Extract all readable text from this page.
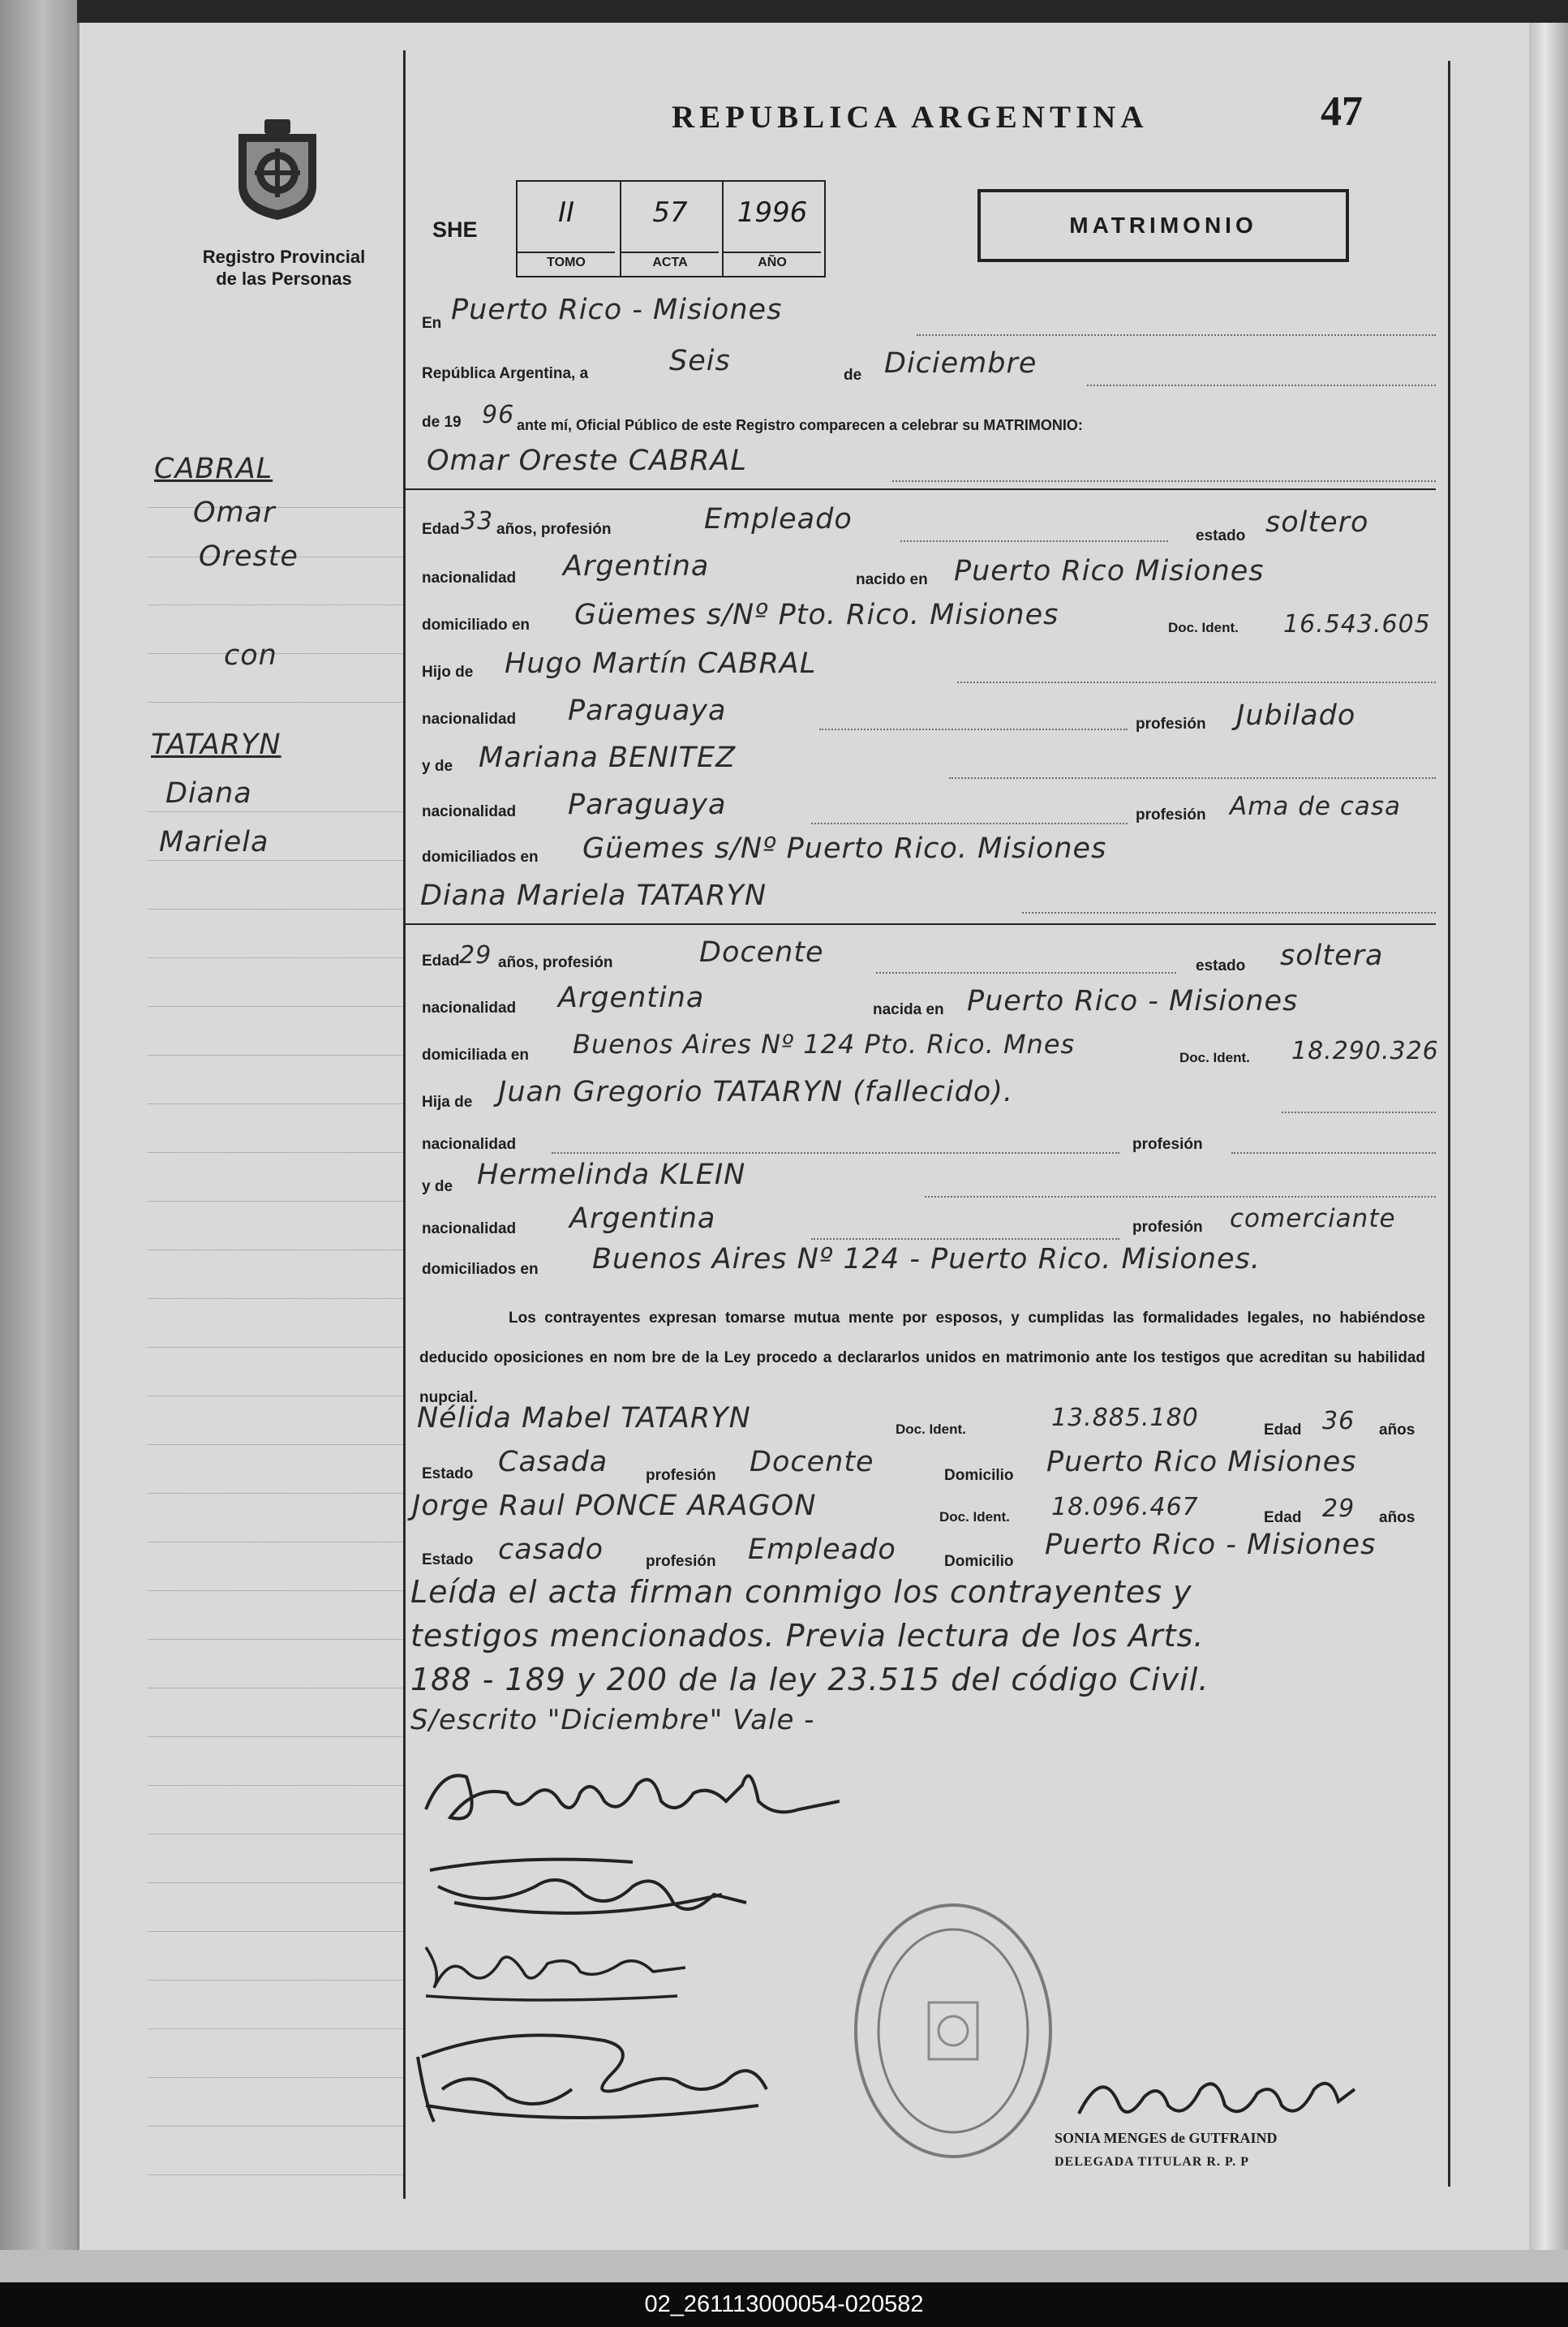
02_261113000054-020582
REPUBLICA ARGENTINA	47
Registro Provincial
de las Personas
SHE
II
TOMO
57
ACTA
1996
AÑO
MATRIMONIO
CABRAL
Omar
Oreste
con
TATARYN
Diana
Mariela
En Puerto Rico - Misiones
República Argentina, a	Seis	de Diciembre
de 19 96 ante mí, Oficial Público de este Registro comparecen a celebrar su MATRIMONIO:
Omar Oreste CABRAL
Edad 33 años, profesión	Empleado
estado soltero
nacionalidad Argentina	nacido en Puerto Rico Misiones
domiciliado en Güemes s/Nº Pto. Rico. Misiones	Doc. Ident. 16.543.605
Hijo de Hugo Martín CABRAL
nacionalidad Paraguaya	profesión Jubilado
y de Mariana BENITEZ
nacionalidad Paraguaya	profesión Ama de casa
domiciliados en Güemes s/Nº Puerto Rico. Misiones
Diana Mariela TATARYN
Edad 29 años, profesión	Docente	estado soltera
nacionalidad Argentina	nacida en Puerto Rico - Misiones
domiciliada en Buenos Aires Nº 124 Pto. Rico. Mnes	Doc. Ident. 18.290.326
Hija de Juan Gregorio TATARYN (fallecido).
nacionalidad	profesión
y de Hermelinda KLEIN
nacionalidad Argentina	profesión comerciante
domiciliados en Buenos Aires Nº 124 - Puerto Rico. Misiones.
Los contrayentes expresan tomarse mutua mente por esposos, y cumplidas las formalidades legales, no habiéndose deducido oposiciones en nom bre de la Ley procedo a declararlos unidos en matrimonio ante los testigos que acreditan su habilidad nupcial.
Nélida Mabel TATARYN	Doc. Ident.	13.885.180	Edad 36 años
Estado Casada profesión Docente	Domicilio Puerto Rico Misiones
Jorge Raul PONCE ARAGON	Doc. Ident. 18.096.467	Edad 29 años
Estado casado	profesión Empleado	Domicilio
Puerto Rico - Misiones
Leída el acta firman conmigo los contrayentes y
testigos mencionados. Previa lectura de los Arts.
188 - 189 y 200 de la ley 23.515 del código Civil.
S/escrito "Diciembre" Vale -
SONIA MENGES de GUTFRAIND
DELEGADA TITULAR R. P. P
